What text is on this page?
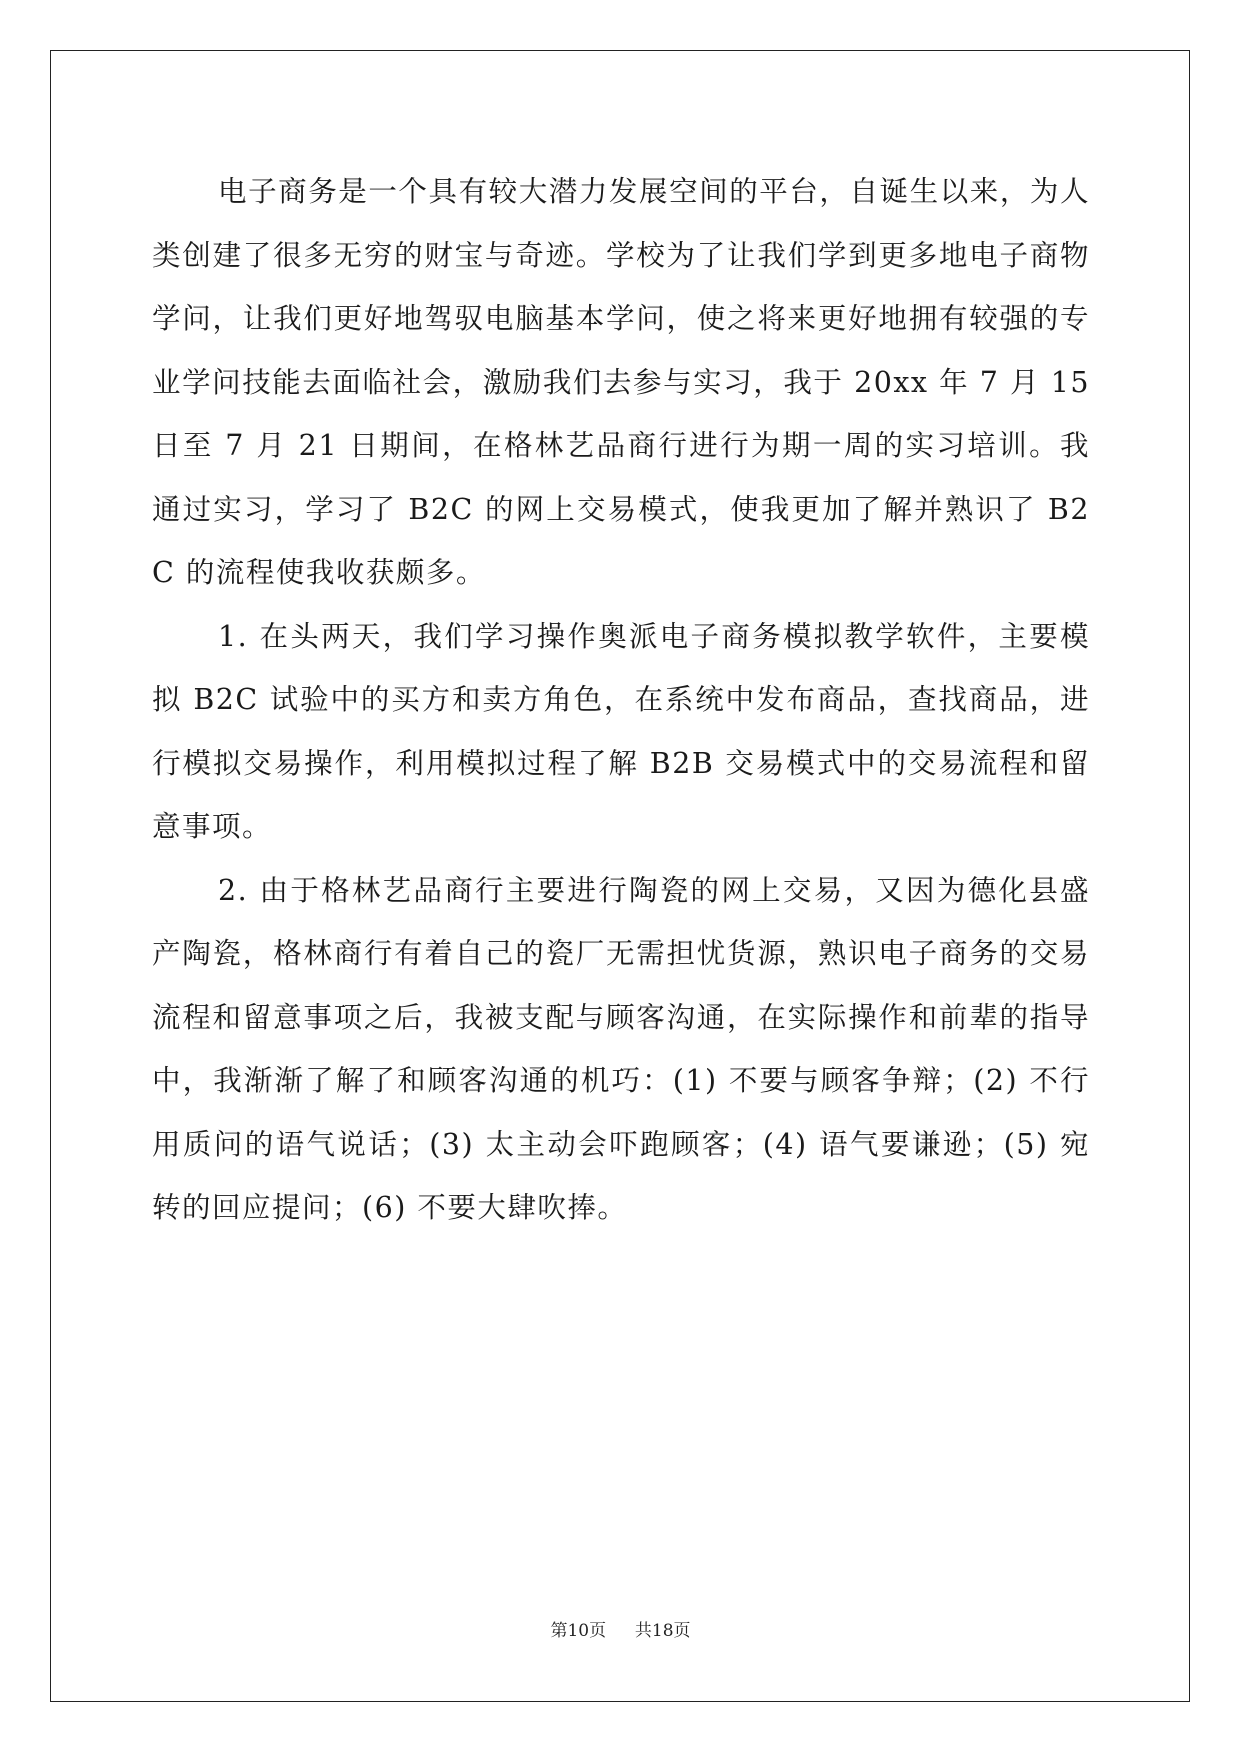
电子商务是一个具有较大潜力发展空间的平台，自诞生以来，为人类创建了很多无穷的财宝与奇迹。学校为了让我们学到更多地电子商物学问，让我们更好地驾驭电脑基本学问，使之将来更好地拥有较强的专业学问技能去面临社会，激励我们去参与实习，我于 20xx 年 7 月 15 日至 7 月 21 日期间，在格林艺品商行进行为期一周的实习培训。我通过实习，学习了 B2C 的网上交易模式，使我更加了解并熟识了 B2C 的流程使我收获颇多。

1. 在头两天，我们学习操作奥派电子商务模拟教学软件，主要模拟 B2C 试验中的买方和卖方角色，在系统中发布商品，查找商品，进行模拟交易操作，利用模拟过程了解 B2B 交易模式中的交易流程和留意事项。

2. 由于格林艺品商行主要进行陶瓷的网上交易，又因为德化县盛产陶瓷，格林商行有着自己的瓷厂无需担忧货源，熟识电子商务的交易流程和留意事项之后，我被支配与顾客沟通，在实际操作和前辈的指导中，我渐渐了解了和顾客沟通的机巧：(1) 不要与顾客争辩；(2) 不行用质问的语气说话；(3) 太主动会吓跑顾客；(4) 语气要谦逊；(5) 宛转的回应提问；(6) 不要大肆吹捧。

第10页 共18页
